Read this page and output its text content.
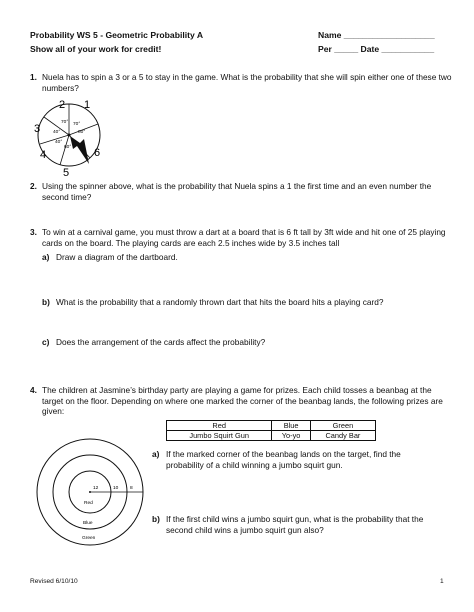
Probability WS 5 - Geometric Probability A
Show all of your work for credit!
Name ___________________
Per _____ Date ___________
1. Nuela has to spin a 3 or a 5 to stay in the game. What is the probability that she will spin either one of these two numbers?
2 1
3
4
5
6
70° 70°
40°	80°
40°
60°
2. Using the spinner above, what is the probability that Nuela spins a 1 the first time and an even number the second time?
3. To win at a carnival game, you must throw a dart at a board that is 6 ft tall by 3ft wide and hit one of 25 playing cards on the board. The playing cards are each 2.5 inches wide by 3.5 inches tall
a) Draw a diagram of the dartboard.
b) What is the probability that a randomly thrown dart that hits the board hits a playing card?
c) Does the arrangement of the cards affect the probability?
4. The children at Jasmine’s birthday party are playing a game for prizes. Each child tosses a beanbag at the target on the floor. Depending on where one marked the corner of the beanbag lands, the following prizes are given:
Red	Blue	Green
Jumbo Squirt Gun	Yo-yo	Candy Bar
12	10 8
Red
Blue
Green
a) If the marked corner of the beanbag lands on the target, find the probability of a child winning a jumbo squirt gun.
b) If the first child wins a jumbo squirt gun, what is the probability that the second child wins a jumbo squirt gun also?
Revised 6/10/10	1
